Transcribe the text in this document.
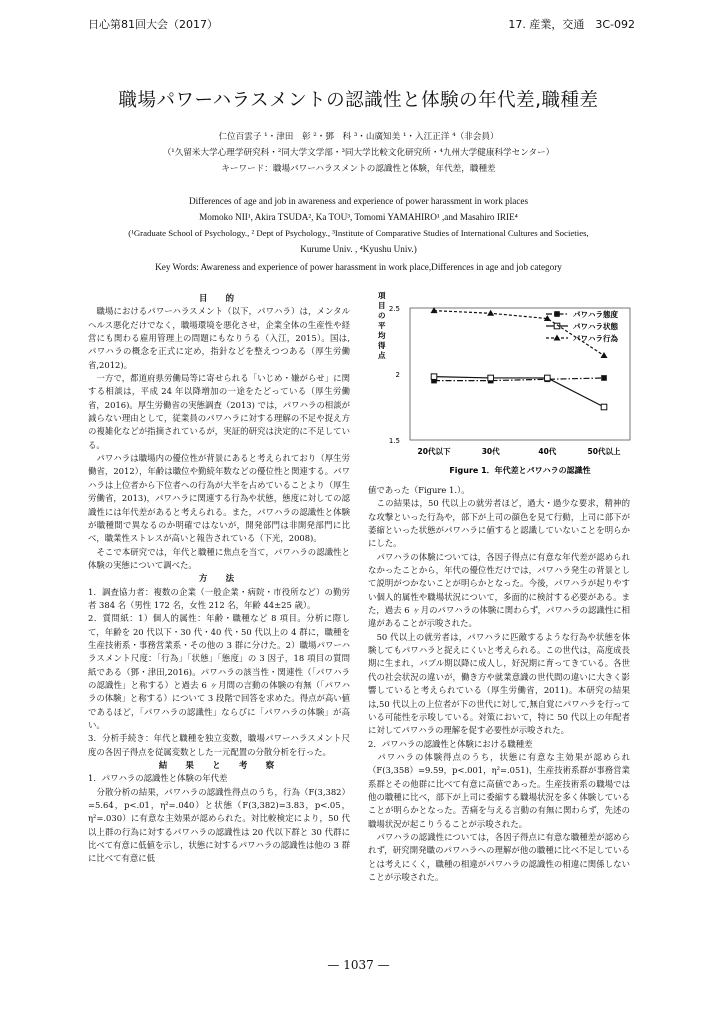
日心第81回大会（2017）	17. 産業，交通　3C-092
職場パワーハラスメントの認識性と体験の年代差,職種差
仁位百雲子 ¹・津田　彰 ²・鄧　科 ³・山廣知美 ¹・入江正洋 ⁴（非会員）
（¹久留米大学心理学研究科・²同大学文学部・³同大学比較文化研究所・⁴九州大学健康科学センター）
キーワード：職場パワーハラスメントの認識性と体験，年代差，職種差
Differences of age and job in awareness and experience of power harassment in work places
Momoko NII¹, Akira TSUDA², Ka TOU³, Tomomi YAMAHIRO¹ ,and Masahiro IRIE⁴
(¹Graduate School of Psychology., ² Dept of Psychology., ³Institute of Comparative Studies of International Cultures and Societies,
Kurume Univ. , ⁴Kyushu Univ.)
Key Words: Awareness and experience of power harassment in work place,Differences in age and job category

目　的

　職場におけるパワーハラスメント（以下，パワハラ）は，メンタルヘルス悪化だけでなく，職場環境を悪化させ，企業全体の生産性や経営にも関わる雇用管理上の問題にもなりうる（入江，2015）。国は,パワハラの概念を正式に定め，指針などを整えつつある（厚生労働省,2012)。

　一方で，都道府県労働局等に寄せられる「いじめ・嫌がらせ」に関する相談は，平成 24 年以降増加の一途をたどっている（厚生労働省，2016)。厚生労働省の実態調査（2013) では，パワハラの相談が減らない理由として，従業員のパワハラに対する理解の不足や捉え方の複雑化などが指摘されているが，実証的研究は決定的に不足している。

　パワハラは職場内の優位性が背景にあると考えられており（厚生労働省，2012），年齢は職位や勤続年数などの優位性と関連する。パワハラは上位者から下位者への行為が大半を占めていることより（厚生労働省，2013)，パワハラに関連する行為や状態，態度に対しての認識性には年代差があると考えられる。また，パワハラの認識性と体験が職種間で異なるのか明確ではないが，開発部門は非開発部門に比べ，職業性ストレスが高いと報告されている（下光，2008)。

　そこで本研究では，年代と職種に焦点を当て，パワハラの認識性と体験の実態について調べた。

方　法

1．調査協力者：複数の企業（一般企業・病院・市役所など）の勤労者 384 名（男性 172 名，女性 212 名，年齢 44±25 歳）。

2．質問紙：1）個人的属性：年齢・職種など 8 項目。分析に際して，年齢を 20 代以下・30 代・40 代・50 代以上の 4 群に，職種を生産技術系・事務営業系・その他の 3 群に分けた。2）職場パワーハラスメント尺度：「行為」「状態」「態度」の 3 因子，18 項目の質問紙である（鄧・津田,2016)。パワハラの該当性・関連性（「パワハラの認識性」と称する）と過去 6 ヶ月間の言動の体験の有無（「パワハラの体験」と称する）について 3 段階で回答を求めた。得点が高い値であるほど，「パワハラの認識性」ならびに「パワハラの体験」が高い。

3．分析手続き：年代と職種を独立変数，職場パワーハラスメント尺度の各因子得点を従属変数とした一元配置の分散分析を行った。

結　果　と　考　察

1．パワハラの認識性と体験の年代差

　分散分析の結果，パワハラの認識性得点のうち，行為（F(3,382）=5.64，p<.01，η²=.040）と状態（F(3,382)=3.83，p<.05，η²=.030）に有意な主効果が認められた。対比較検定により，50 代以上群の行為に対するパワハラの認識性は 20 代以下群と 30 代群に比べて有意に低値を示し，状態に対するパワハラの認識性は他の 3 群に比べて有意に低

1.5
2
2.5
項目の平均得点
20代以下	30代	40代	50代以上
パワハラ態度
パワハラ状態
パワハラ行為
Figure 1．年代差とパワハラの認識性

値であった（Figure 1.）。

　この結果は，50 代以上の就労者ほど，過大・過少な要求，精神的な攻撃といった行為や，部下が上司の顔色を見て行動，上司に部下が萎縮といった状態がパワハラに値すると認識していないことを明らかにした。

　パワハラの体験については，各因子得点に有意な年代差が認められなかったことから，年代の優位性だけでは，パワハラ発生の背景として説明がつかないことが明らかとなった。今後，パワハラが起りやすい個人的属性や職場状況について，多面的に検討する必要がある。また，過去 6 ヶ月のパワハラの体験に関わらず，パワハラの認識性に相違があることが示唆された。

　50 代以上の就労者は，パワハラに匹敵するような行為や状態を体験してもパワハラと捉えにくいと考えられる。この世代は，高度成長期に生まれ，バブル期以降に成人し，好況期に育ってきている。各世代の社会状況の違いが，働き方や就業意識の世代間の違いに大きく影響していると考えられている（厚生労働省，2011)。本研究の結果は,50 代以上の上位者が下の世代に対して,無自覚にパワハラを行っている可能性を示唆している。対策において，特に 50 代以上の年配者に対してパワハラの理解を促す必要性が示唆された。

2．パワハラの認識性と体験における職種差

　パワハラの体験得点のうち，状態に有意な主効果が認められ（F(3,358）=9.59，p<.001，η²=.051)，生産技術系群が事務営業系群とその他群に比べて有意に高値であった。生産技術系の職場では他の職種に比べ，部下が上司に委縮する職場状況を多く体験していることが明らかとなった。苦痛を与える言動の有無に関わらず，先述の職場状況が起こりうることが示唆された。

　パワハラの認識性については，各因子得点に有意な職種差が認められず，研究開発職のパワハラへの理解が他の職種に比べ不足しているとは考えにくく，職種の相違がパワハラの認識性の相違に関係しないことが示唆された。

— 1037 —
